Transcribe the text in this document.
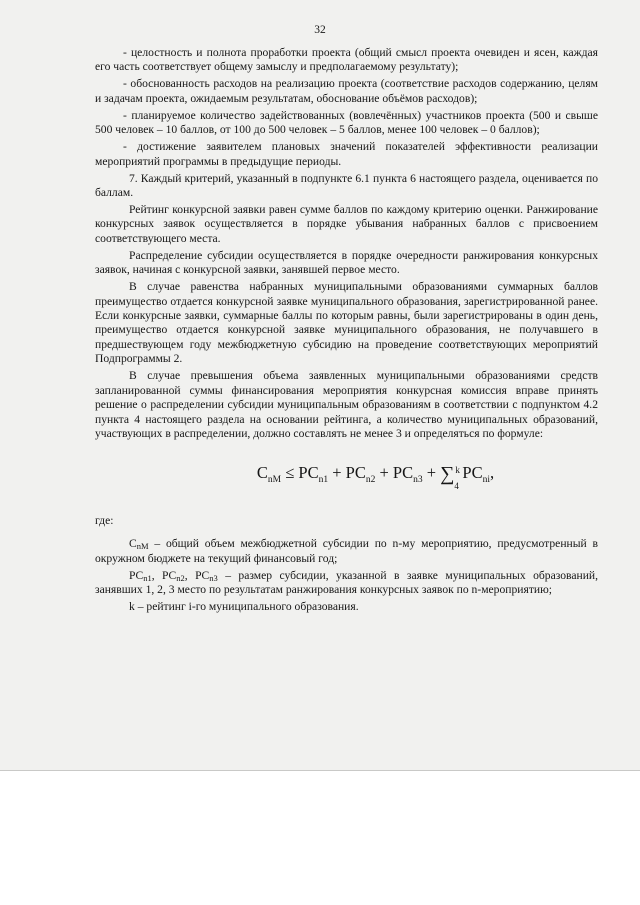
32

- целостность и полнота проработки проекта (общий смысл проекта очевиден и ясен, каждая его часть соответствует общему замыслу и предполагаемому результату);

- обоснованность расходов на реализацию проекта (соответствие расходов содержанию, целям и задачам проекта, ожидаемым результатам, обоснование объёмов расходов);

- планируемое количество задействованных (вовлечённых) участников проекта (500 и свыше 500 человек – 10 баллов, от 100 до 500 человек – 5 баллов, менее 100 человек – 0 баллов);

- достижение заявителем плановых значений показателей эффективности реализации мероприятий программы в предыдущие периоды.

7. Каждый критерий, указанный в подпункте 6.1 пункта 6 настоящего раздела, оценивается по баллам.

Рейтинг конкурсной заявки равен сумме баллов по каждому критерию оценки. Ранжирование конкурсных заявок осуществляется в порядке убывания набранных баллов с присвоением соответствующего места.

Распределение субсидии осуществляется в порядке очередности ранжирования конкурсных заявок, начиная с конкурсной заявки, занявшей первое место.

В случае равенства набранных муниципальными образованиями суммарных баллов преимущество отдается конкурсной заявке муниципального образования, зарегистрированной ранее. Если конкурсные заявки, суммарные баллы по которым равны, были зарегистрированы в один день, преимущество отдается конкурсной заявке муниципального образования, не получавшего в предшествующем году межбюджетную субсидию на проведение соответствующих мероприятий Подпрограммы 2.

В случае превышения объема заявленных муниципальными образованиями средств запланированной суммы финансирования мероприятия конкурсная комиссия вправе принять решение о распределении субсидии муниципальным образованиям в соответствии с подпунктом 4.2 пункта 4 настоящего раздела на основании рейтинга, а количество муниципальных образований, участвующих в распределении, должно составлять не менее 3 и определяться по формуле:

$C_{nM} \le PC_{n1} + PC_{n2} + PC_{n3}$ + ∑ k
4
$PC_{ni}$,

где:

$C_{nM}$ – общий объем межбюджетной субсидии по n-му мероприятию, предусмотренный в окружном бюджете на текущий финансовый год;

$PC_{n1}$, $PC_{n2}$, $PC_{n3}$ – размер субсидии, указанной в заявке муниципальных образований, занявших 1, 2, 3 место по результатам ранжирования конкурсных заявок по n-мероприятию;

k – рейтинг i-го муниципального образования.
